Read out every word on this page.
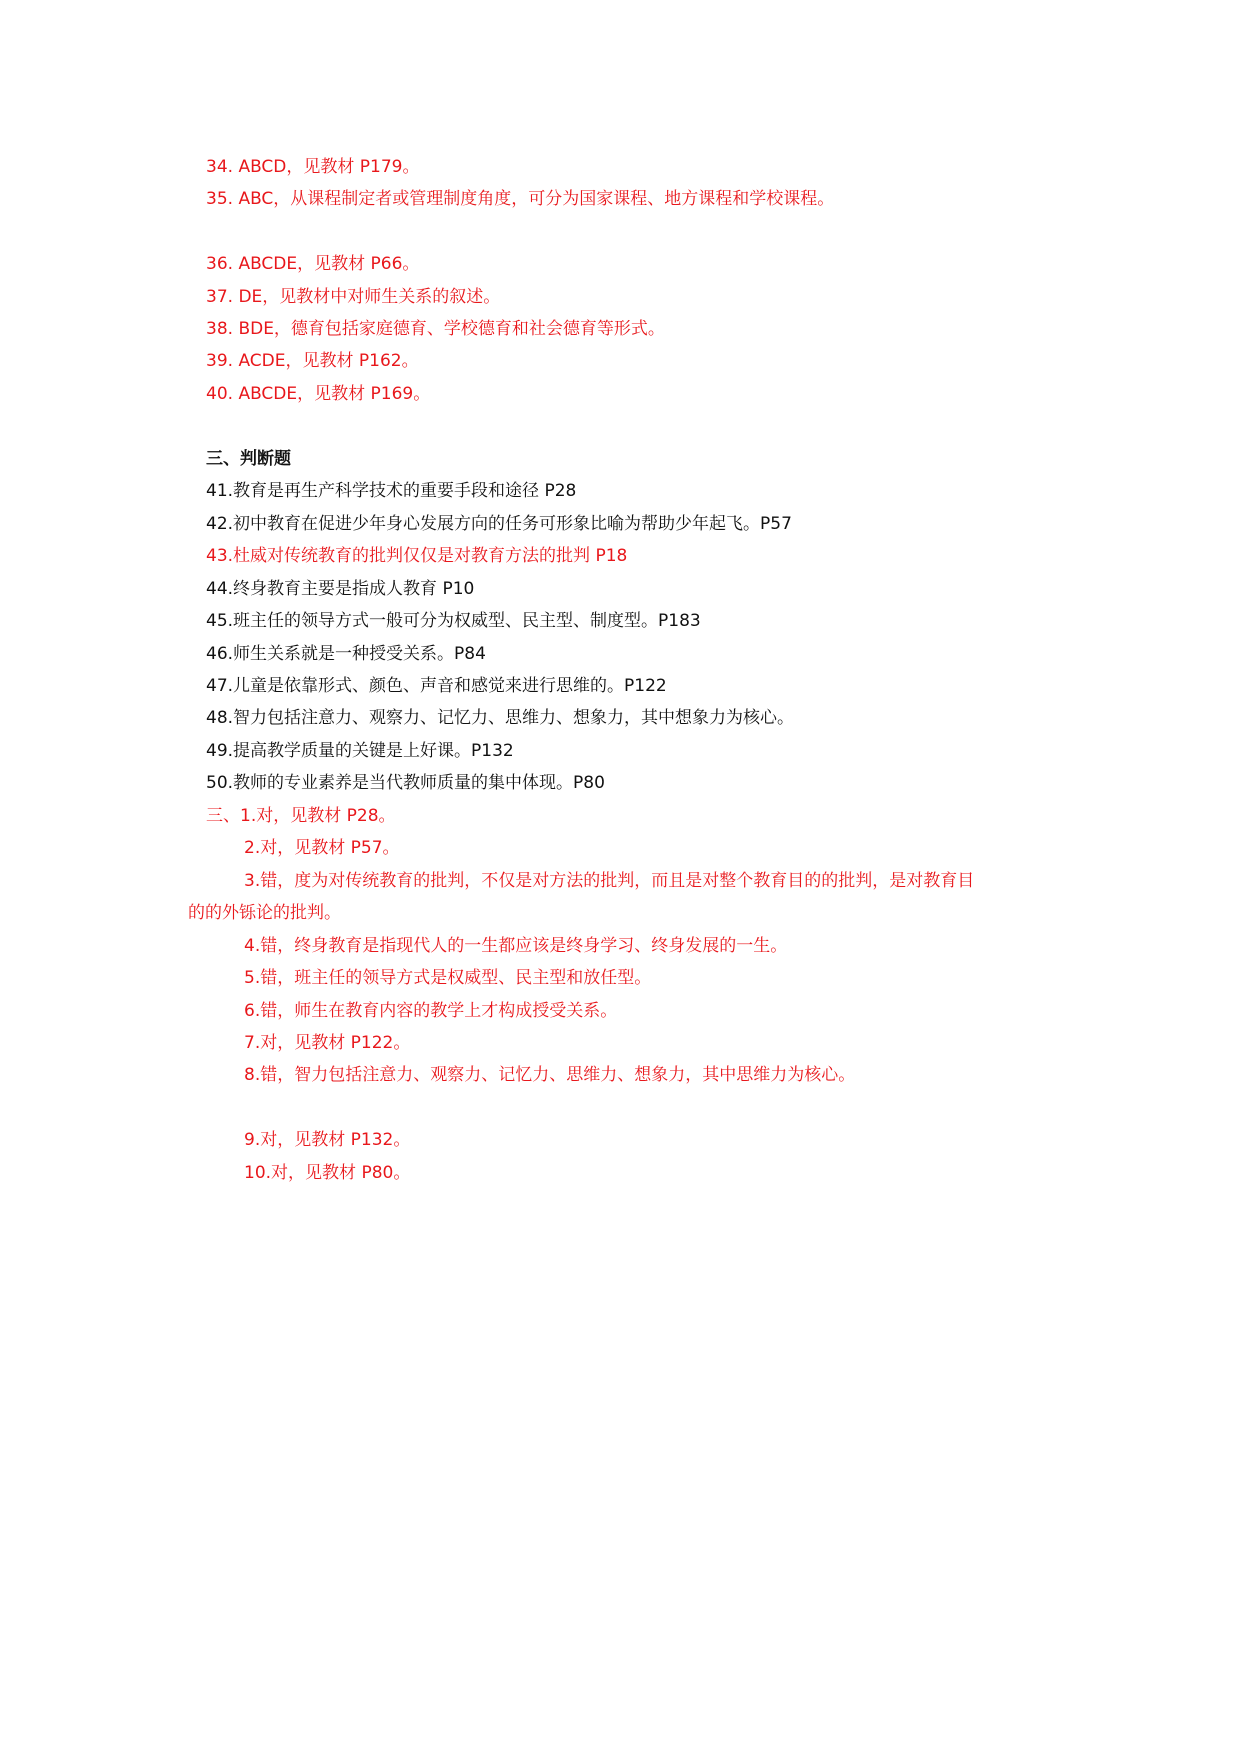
34. ABCD，见教材 P179。
35. ABC，从课程制定者或管理制度角度，可分为国家课程、地方课程和学校课程。
36. ABCDE，见教材 P66。
37. DE，见教材中对师生关系的叙述。
38. BDE，德育包括家庭德育、学校德育和社会德育等形式。
39. ACDE，见教材 P162。
40. ABCDE，见教材 P169。
三、判断题
41.教育是再生产科学技术的重要手段和途径 P28
42.初中教育在促进少年身心发展方向的任务可形象比喻为帮助少年起飞。P57
43.杜威对传统教育的批判仅仅是对教育方法的批判 P18
44.终身教育主要是指成人教育 P10
45.班主任的领导方式一般可分为权威型、民主型、制度型。P183
46.师生关系就是一种授受关系。P84
47.儿童是依靠形式、颜色、声音和感觉来进行思维的。P122
48.智力包括注意力、观察力、记忆力、思维力、想象力，其中想象力为核心。
49.提高教学质量的关键是上好课。P132
50.教师的专业素养是当代教师质量的集中体现。P80
三、1.对，见教材 P28。
2.对，见教材 P57。
3.错，度为对传统教育的批判，不仅是对方法的批判，而且是对整个教育目的的批判，是对教育目
的的外铄论的批判。
4.错，终身教育是指现代人的一生都应该是终身学习、终身发展的一生。
5.错，班主任的领导方式是权威型、民主型和放任型。
6.错，师生在教育内容的教学上才构成授受关系。
7.对，见教材 P122。
8.错，智力包括注意力、观察力、记忆力、思维力、想象力，其中思维力为核心。
9.对，见教材 P132。
10.对，见教材 P80。
